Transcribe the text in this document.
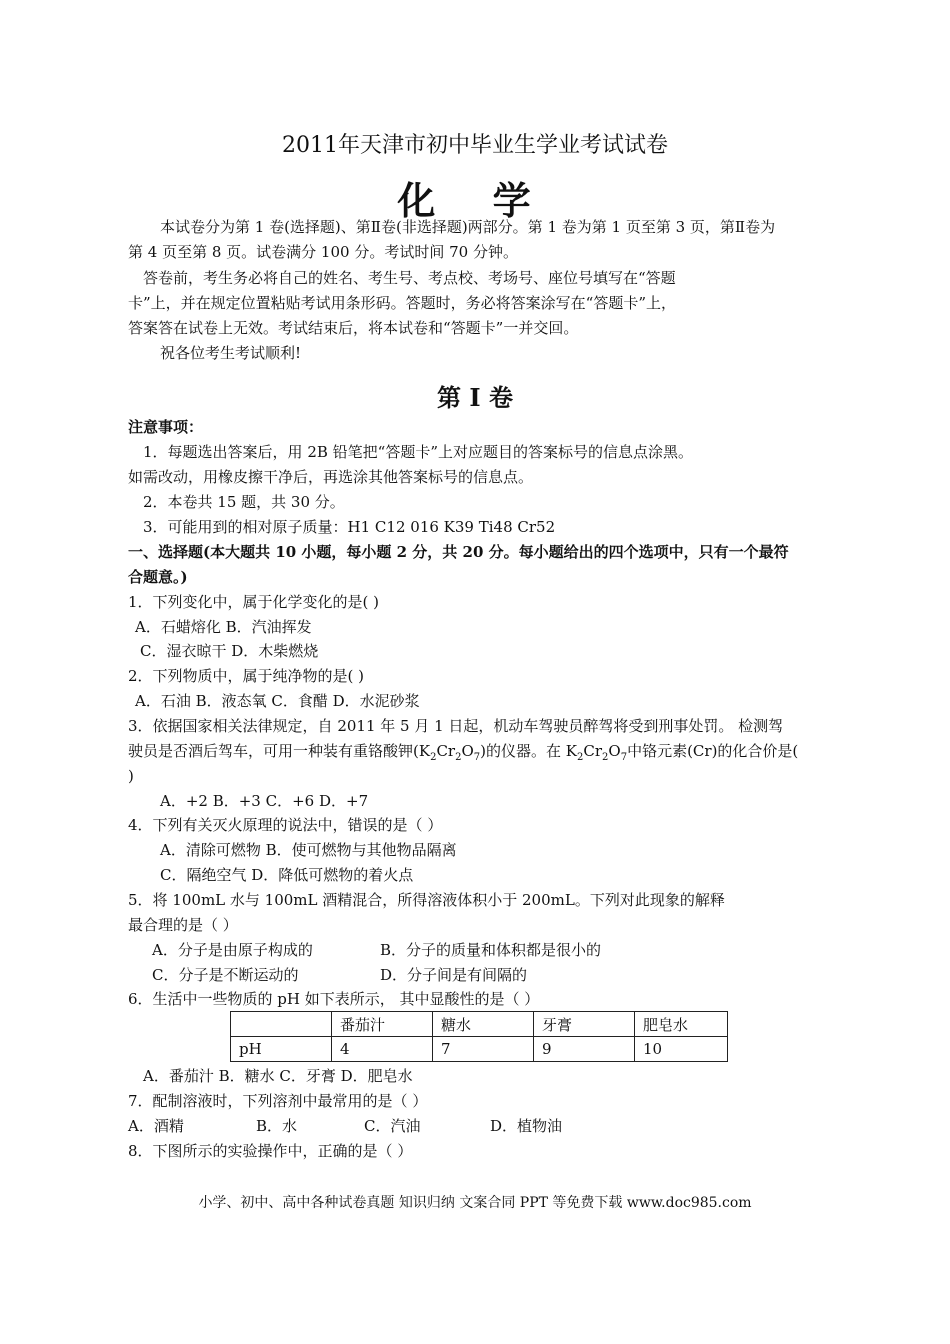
2011年天津市初中毕业生学业考试试卷
化 学
本试卷分为第 1 卷(选择题)、第Ⅱ卷(非选择题)两部分。第 1 卷为第 1 页至第 3 页，第Ⅱ卷为
第 4 页至第 8 页。试卷满分 100 分。考试时间 70 分钟。
答卷前，考生务必将自己的姓名、考生号、考点校、考场号、座位号填写在“答题
卡”上，并在规定位置粘贴考试用条形码。答题时，务必将答案涂写在“答题卡”上，
答案答在试卷上无效。考试结束后，将本试卷和“答题卡”一并交回。
祝各位考生考试顺利!
第 I 卷
注意事项：
1．每题选出答案后，用 2B 铅笔把“答题卡”上对应题目的答案标号的信息点涂黑。
如需改动，用橡皮擦干净后，再选涂其他答案标号的信息点。
2．本卷共 15 题，共 30 分。
3．可能用到的相对原子质量：H1 C12 016 K39 Ti48 Cr52
一、选择题(本大题共 10 小题，每小题 2 分，共 20 分。每小题给出的四个选项中，只有一个最符
合题意。)
1．下列变化中，属于化学变化的是( )
A．石蜡熔化 B．汽油挥发
C．湿衣晾干 D．木柴燃烧
2．下列物质中，属于纯净物的是( )
A．石油 B．液态氧 C．食醋 D．水泥砂浆
3．依据国家相关法律规定，自 2011 年 5 月 1 日起，机动车驾驶员醉驾将受到刑事处罚。 检测驾
驶员是否酒后驾车，可用一种装有重铬酸钾$(K_2Cr_2O_7)$的仪器。在 $K_2Cr_2O_7$中铬元素(Cr)的化合价是(
)
A．+2 B．+3 C．+6 D．+7
4．下列有关灭火原理的说法中，错误的是（ ）
A．清除可燃物 B．使可燃物与其他物品隔离
C．隔绝空气 D．降低可燃物的着火点
5．将 100mL 水与 100mL 酒精混合，所得溶液体积小于 200mL。下列对此现象的解释
最合理的是（ ）
A．分子是由原子构成的	B．分子的质量和体积都是很小的
C．分子是不断运动的	D．分子间是有间隔的
6．生活中一些物质的 pH 如下表所示， 其中显酸性的是（ ）
	番茄汁	糖水	牙膏	肥皂水
pH	4	7	9	10
A．番茄汁 B．糖水 C．牙膏 D．肥皂水
7．配制溶液时，下列溶剂中最常用的是（ ）
A．酒精	B．水	C．汽油	D．植物油
8．下图所示的实验操作中，正确的是（ ）
小学、初中、高中各种试卷真题 知识归纳 文案合同 PPT 等免费下载 www.doc985.com
